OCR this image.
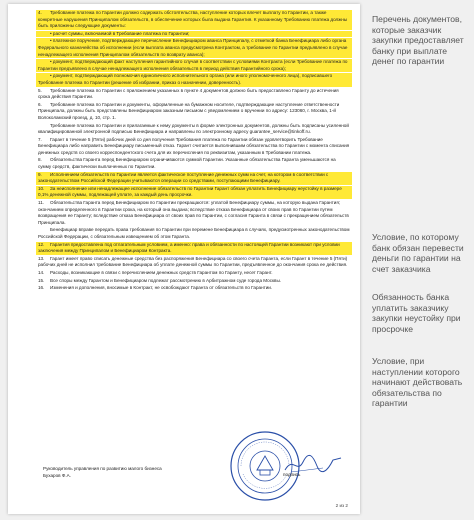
4. Требование платежа по Гарантии должно содержать обстоятельства, наступление которых влечет выплату по Гарантии, а также конкретные нарушения Принципалом обязательств, в обеспечение которых была выдана Гарантия. К указанному Требованию платежа должны быть приложены следующие документы:
• расчет суммы, включаемой в Требование платежа по Гарантии;
• платежное поручение, подтверждающее перечисление Бенефициаром аванса Принципалу, с отметкой банка Бенефициара либо органа Федерального казначейства об исполнении (если выплата аванса предусмотрена Контрактом, а требование по Гарантии предъявлено в случае ненадлежащего исполнения Принципалом обязательств по возврату аванса);
• документ, подтверждающий факт наступления гарантийного случая в соответствии с условиями Контракта (если Требование платежа по Гарантии предъявлено в случае ненадлежащего исполнения обязательств в период действия Гарантийного срока);
• документ, подтверждающий полномочия единоличного исполнительного органа (или иного уполномоченного лица), подписавшего Требование платежа по Гарантии (решение об избрании, приказ о назначении, доверенность).
5. Требование платежа по Гарантии с приложением указанных в пункте 4 документов должно быть предоставлено Гаранту до истечения срока действия Гарантии.
6. Требование платежа по Гарантии и документы, оформленные на бумажном носителе, подтверждающие наступление ответственности Принципала, должны быть представлены Бенефициаром заказным письмом с уведомлением о вручении по адресу: 123060, г. Москва, 1-й Волоколамский проезд, д. 10, стр. 1.
Требование платежа по Гарантии и прилагаемые к нему документы в форме электронных документов, должны быть подписаны усиленной квалифицированной электронной подписью Бенефициара и направлены по электронному адресу guarantee_service@tinkoff.ru.
7. Гарант в течение 5 (Пяти) рабочих дней со дня получения Требования платежа по Гарантии обязан удовлетворить Требование Бенефициара либо направить Бенефициару письменный отказ. Гарант считается выполнившим обязательства по Гарантии с момента списания денежных средств со своего корреспондентского счета для их перечисления по реквизитам, указанным в Требовании платежа.
8. Обязательства Гаранта перед Бенефициаром ограничиваются суммой Гарантии. Указанные обязательства Гаранта уменьшаются на сумму средств, фактически выплаченных по Гарантии.
9. Исполнением обязательств по Гарантии является фактическое поступление денежных сумм на счет, на котором в соответствии с законодательством Российской Федерации учитываются операции со средствами, поступающими Бенефициару.
10. За неисполнение или ненадлежащее исполнение обязательств по Гарантии Гарант обязан уплатить Бенефициару неустойку в размере 0,1% денежной суммы, подлежащей уплате, за каждый день просрочки.
11. Обязательства Гаранта перед Бенефициаром по Гарантии прекращаются: уплатой Бенефициару суммы, на которую выдана Гарантия; окончанием определенного в Гарантии срока, на который она выдана; вследствие отказа Бенефициара от своих прав по Гарантии путем возвращения ее Гаранту; вследствие отказа Бенефициара от своих прав по Гарантии, с согласия Гаранта в связи с прекращением обязательств Принципала.
Бенефициар вправе передать права требования по Гарантии при перемене Бенефициара в случаях, предусмотренных законодательством Российской Федерации, с обязательным извещением об этом Гаранта.
12. Гарантия предоставлена под отлагательным условием, а именно: права и обязанности по настоящей Гарантии возникают при условии заключения между Принципалом и Бенефициаром Контракта.
13. Гарант имеет право списать денежные средства без распоряжения Бенефициара со своего счета Гаранта, если Гарант в течение 5 (Пяти) рабочих дней не исполнил требование Бенефициара об уплате денежной суммы по Гарантии, предъявленное до окончания срока ее действия.
14. Расходы, возникающие в связи с перечислением денежных средств Гарантом по Гаранту, несет Гарант.
15. Все споры между Гарантом и Бенефициаром подлежат рассмотрению в Арбитражном суде города Москвы.
16. Изменения и дополнения, вносимые в Контракт, не освобождают Гаранта от обязательств по Гарантии.
Руководитель управления по развитию малого бизнеса
Бухаров Ф.А.	подпись
2 из 2
Перечень документов, которые заказчик закупки предоставляет банку при выплате денег по гарантии
Условие, по которому банк обязан перевести деньги по гарантии на счет заказчика
Обязанность банка уплатить заказчику закупки неустойку при просрочке
Условие, при наступлении которого начинают действовать обязательства по гарантии
